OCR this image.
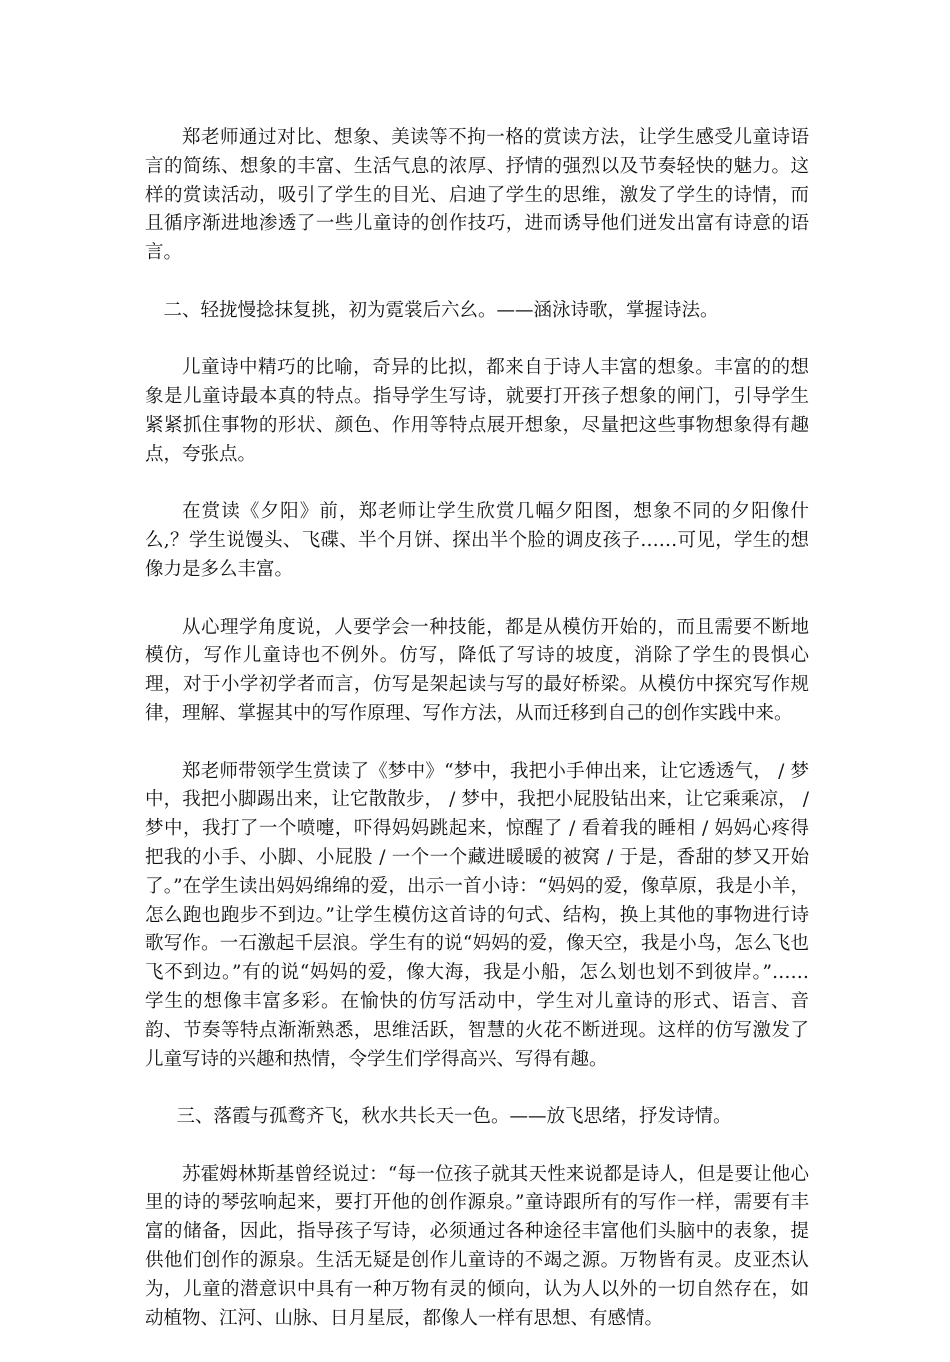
郑老师通过对比、想象、美读等不拘一格的赏读方法，让学生感受儿童诗语言的简练、想象的丰富、生活气息的浓厚、抒情的强烈以及节奏轻快的魅力。这样的赏读活动，吸引了学生的目光、启迪了学生的思维，激发了学生的诗情，而且循序渐进地渗透了一些儿童诗的创作技巧，进而诱导他们迸发出富有诗意的语言。

二、轻拢慢捻抹复挑，初为霓裳后六幺。——涵泳诗歌，掌握诗法。

儿童诗中精巧的比喻，奇异的比拟，都来自于诗人丰富的想象。丰富的的想象是儿童诗最本真的特点。指导学生写诗，就要打开孩子想象的闸门，引导学生紧紧抓住事物的形状、颜色、作用等特点展开想象，尽量把这些事物想象得有趣点，夸张点。

在赏读《夕阳》前，郑老师让学生欣赏几幅夕阳图，想象不同的夕阳像什么,？学生说馒头、飞碟、半个月饼、探出半个脸的调皮孩子……可见，学生的想像力是多么丰富。

从心理学角度说，人要学会一种技能，都是从模仿开始的，而且需要不断地模仿，写作儿童诗也不例外。仿写，降低了写诗的坡度，消除了学生的畏惧心理，对于小学初学者而言，仿写是架起读与写的最好桥梁。从模仿中探究写作规律，理解、掌握其中的写作原理、写作方法，从而迁移到自己的创作实践中来。

郑老师带领学生赏读了《梦中》“梦中，我把小手伸出来，让它透透气， / 梦中，我把小脚踢出来，让它散散步， / 梦中，我把小屁股钻出来，让它乘乘凉， / 梦中，我打了一个喷嚏，吓得妈妈跳起来，惊醒了 / 看着我的睡相 / 妈妈心疼得把我的小手、小脚、小屁股 / 一个一个藏进暖暖的被窝 / 于是，香甜的梦又开始了。”在学生读出妈妈绵绵的爱，出示一首小诗：“妈妈的爱，像草原，我是小羊，怎么跑也跑步不到边。”让学生模仿这首诗的句式、结构，换上其他的事物进行诗歌写作。一石激起千层浪。学生有的说“妈妈的爱，像天空，我是小鸟，怎么飞也飞不到边。”有的说“妈妈的爱，像大海，我是小船，怎么划也划不到彼岸。”……　学生的想像丰富多彩。在愉快的仿写活动中，学生对儿童诗的形式、语言、音韵、节奏等特点渐渐熟悉，思维活跃，智慧的火花不断迸现。这样的仿写激发了儿童写诗的兴趣和热情，令学生们学得高兴、写得有趣。

三、落霞与孤鹜齐飞，秋水共长天一色。——放飞思绪，抒发诗情。

苏霍姆林斯基曾经说过：“每一位孩子就其天性来说都是诗人，但是要让他心里的诗的琴弦响起来，要打开他的创作源泉。”童诗跟所有的写作一样，需要有丰富的储备，因此，指导孩子写诗，必须通过各种途径丰富他们头脑中的表象，提供他们创作的源泉。生活无疑是创作儿童诗的不竭之源。万物皆有灵。皮亚杰认为，儿童的潜意识中具有一种万物有灵的倾向，认为人以外的一切自然存在，如动植物、江河、山脉、日月星辰，都像人一样有思想、有感情。
